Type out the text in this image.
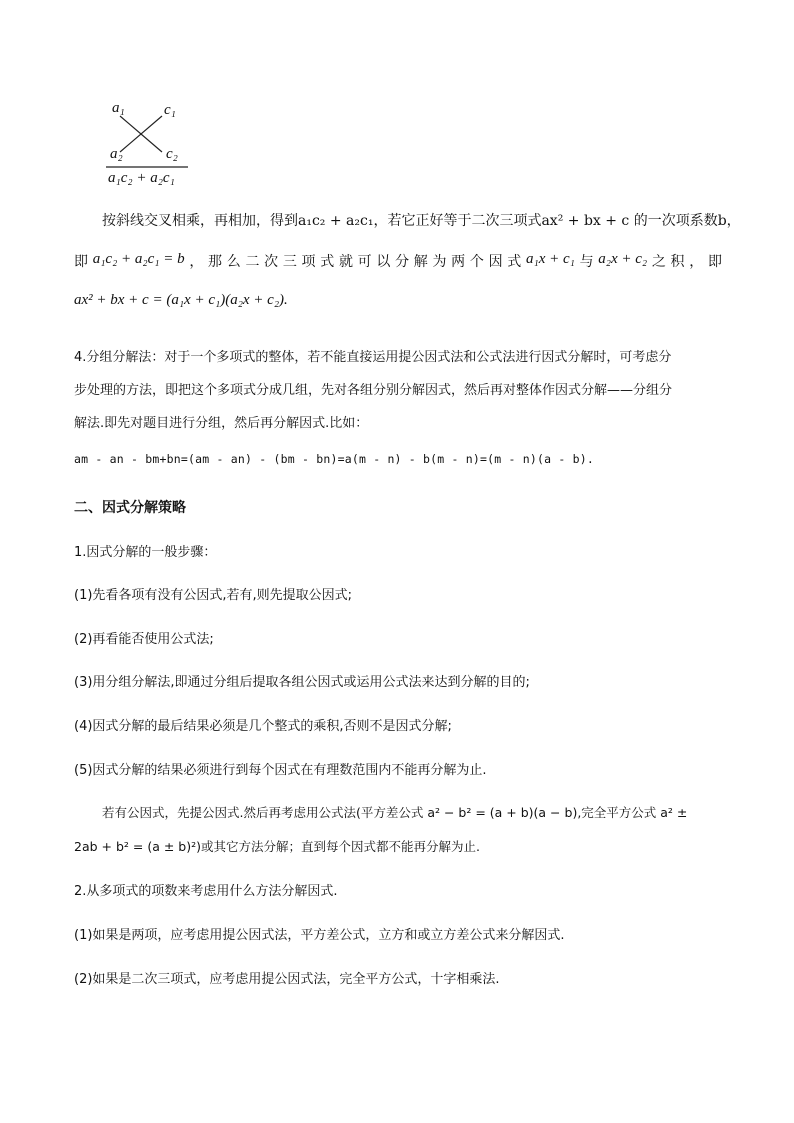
a₁	c₁
a₂	c₂
a₁c₂ + a₂c₁
按斜线交叉相乘，再相加，得到a₁c₂ + a₂c₁，若它正好等于二次三项式ax² + bx + c 的一次项系数b，
即 a₁c₂ + a₂c₁ = b ， 那 么 二 次 三 项 式 就 可 以 分 解 为 两 个 因 式 a₁x + c₁ 与 a₂x + c₂ 之 积 ， 即
ax² + bx + c = (a₁x + c₁)(a₂x + c₂).
4.分组分解法：对于一个多项式的整体，若不能直接运用提公因式法和公式法进行因式分解时，可考虑分
步处理的方法，即把这个多项式分成几组，先对各组分别分解因式，然后再对整体作因式分解——分组分
解法.即先对题目进行分组，然后再分解因式.比如：
am - an - bm+bn=(am - an) - (bm - bn)=a(m - n) - b(m - n)=(m - n)(a - b).
二、因式分解策略
1.因式分解的一般步骤：
(1)先看各项有没有公因式,若有,则先提取公因式;
(2)再看能否使用公式法;
(3)用分组分解法,即通过分组后提取各组公因式或运用公式法来达到分解的目的;
(4)因式分解的最后结果必须是几个整式的乘积,否则不是因式分解;
(5)因式分解的结果必须进行到每个因式在有理数范围内不能再分解为止.
若有公因式，先提公因式.然后再考虑用公式法(平方差公式 a² − b² = (a + b)(a − b),完全平方公式 a² ±
2ab + b² = (a ± b)²)或其它方法分解；直到每个因式都不能再分解为止.
2.从多项式的项数来考虑用什么方法分解因式.
(1)如果是两项，应考虑用提公因式法，平方差公式，立方和或立方差公式来分解因式.
(2)如果是二次三项式，应考虑用提公因式法，完全平方公式，十字相乘法.
